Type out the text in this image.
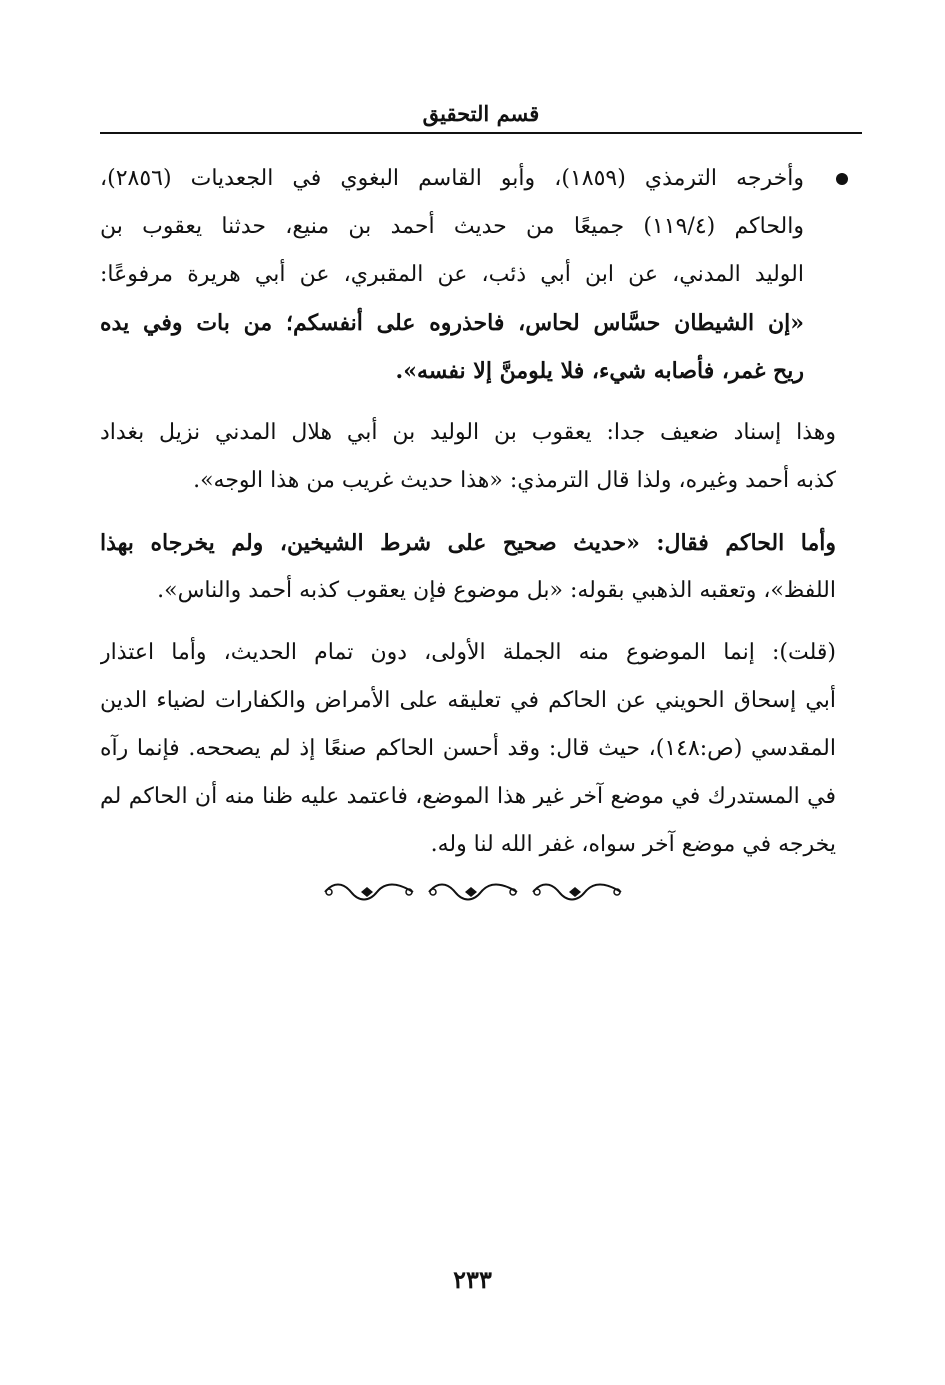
قسم التحقيق
وأخرجه الترمذي (١٨٥٩)، وأبو القاسم البغوي في الجعديات (٢٨٥٦)،
والحاكم (١١٩/٤) جميعًا من حديث أحمد بن منيع، حدثنا يعقوب بن
الوليد المدني، عن ابن أبي ذئب، عن المقبري، عن أبي هريرة مرفوعًا:
«إن الشيطان حسَّاس لحاس، فاحذروه على أنفسكم؛ من بات وفي يده
ريح غمر، فأصابه شيء، فلا يلومنَّ إلا نفسه».
وهذا إسناد ضعيف جدا: يعقوب بن الوليد بن أبي هلال المدني نزيل بغداد
كذبه أحمد وغيره، ولذا قال الترمذي: «هذا حديث غريب من هذا الوجه».
وأما الحاكم فقال: «حديث صحيح على شرط الشيخين، ولم يخرجاه بهذا
اللفظ»، وتعقبه الذهبي بقوله: «بل موضوع فإن يعقوب كذبه أحمد والناس».
(قلت): إنما الموضوع منه الجملة الأولى، دون تمام الحديث، وأما اعتذار
أبي إسحاق الحويني عن الحاكم في تعليقه على الأمراض والكفارات لضياء الدين
المقدسي (ص:١٤٨)، حيث قال: وقد أحسن الحاكم صنعًا إذ لم يصححه. فإنما رآه
في المستدرك في موضع آخر غير هذا الموضع، فاعتمد عليه ظنا منه أن الحاكم لم
يخرجه في موضع آخر سواه، غفر الله لنا وله.
٢٣٣
